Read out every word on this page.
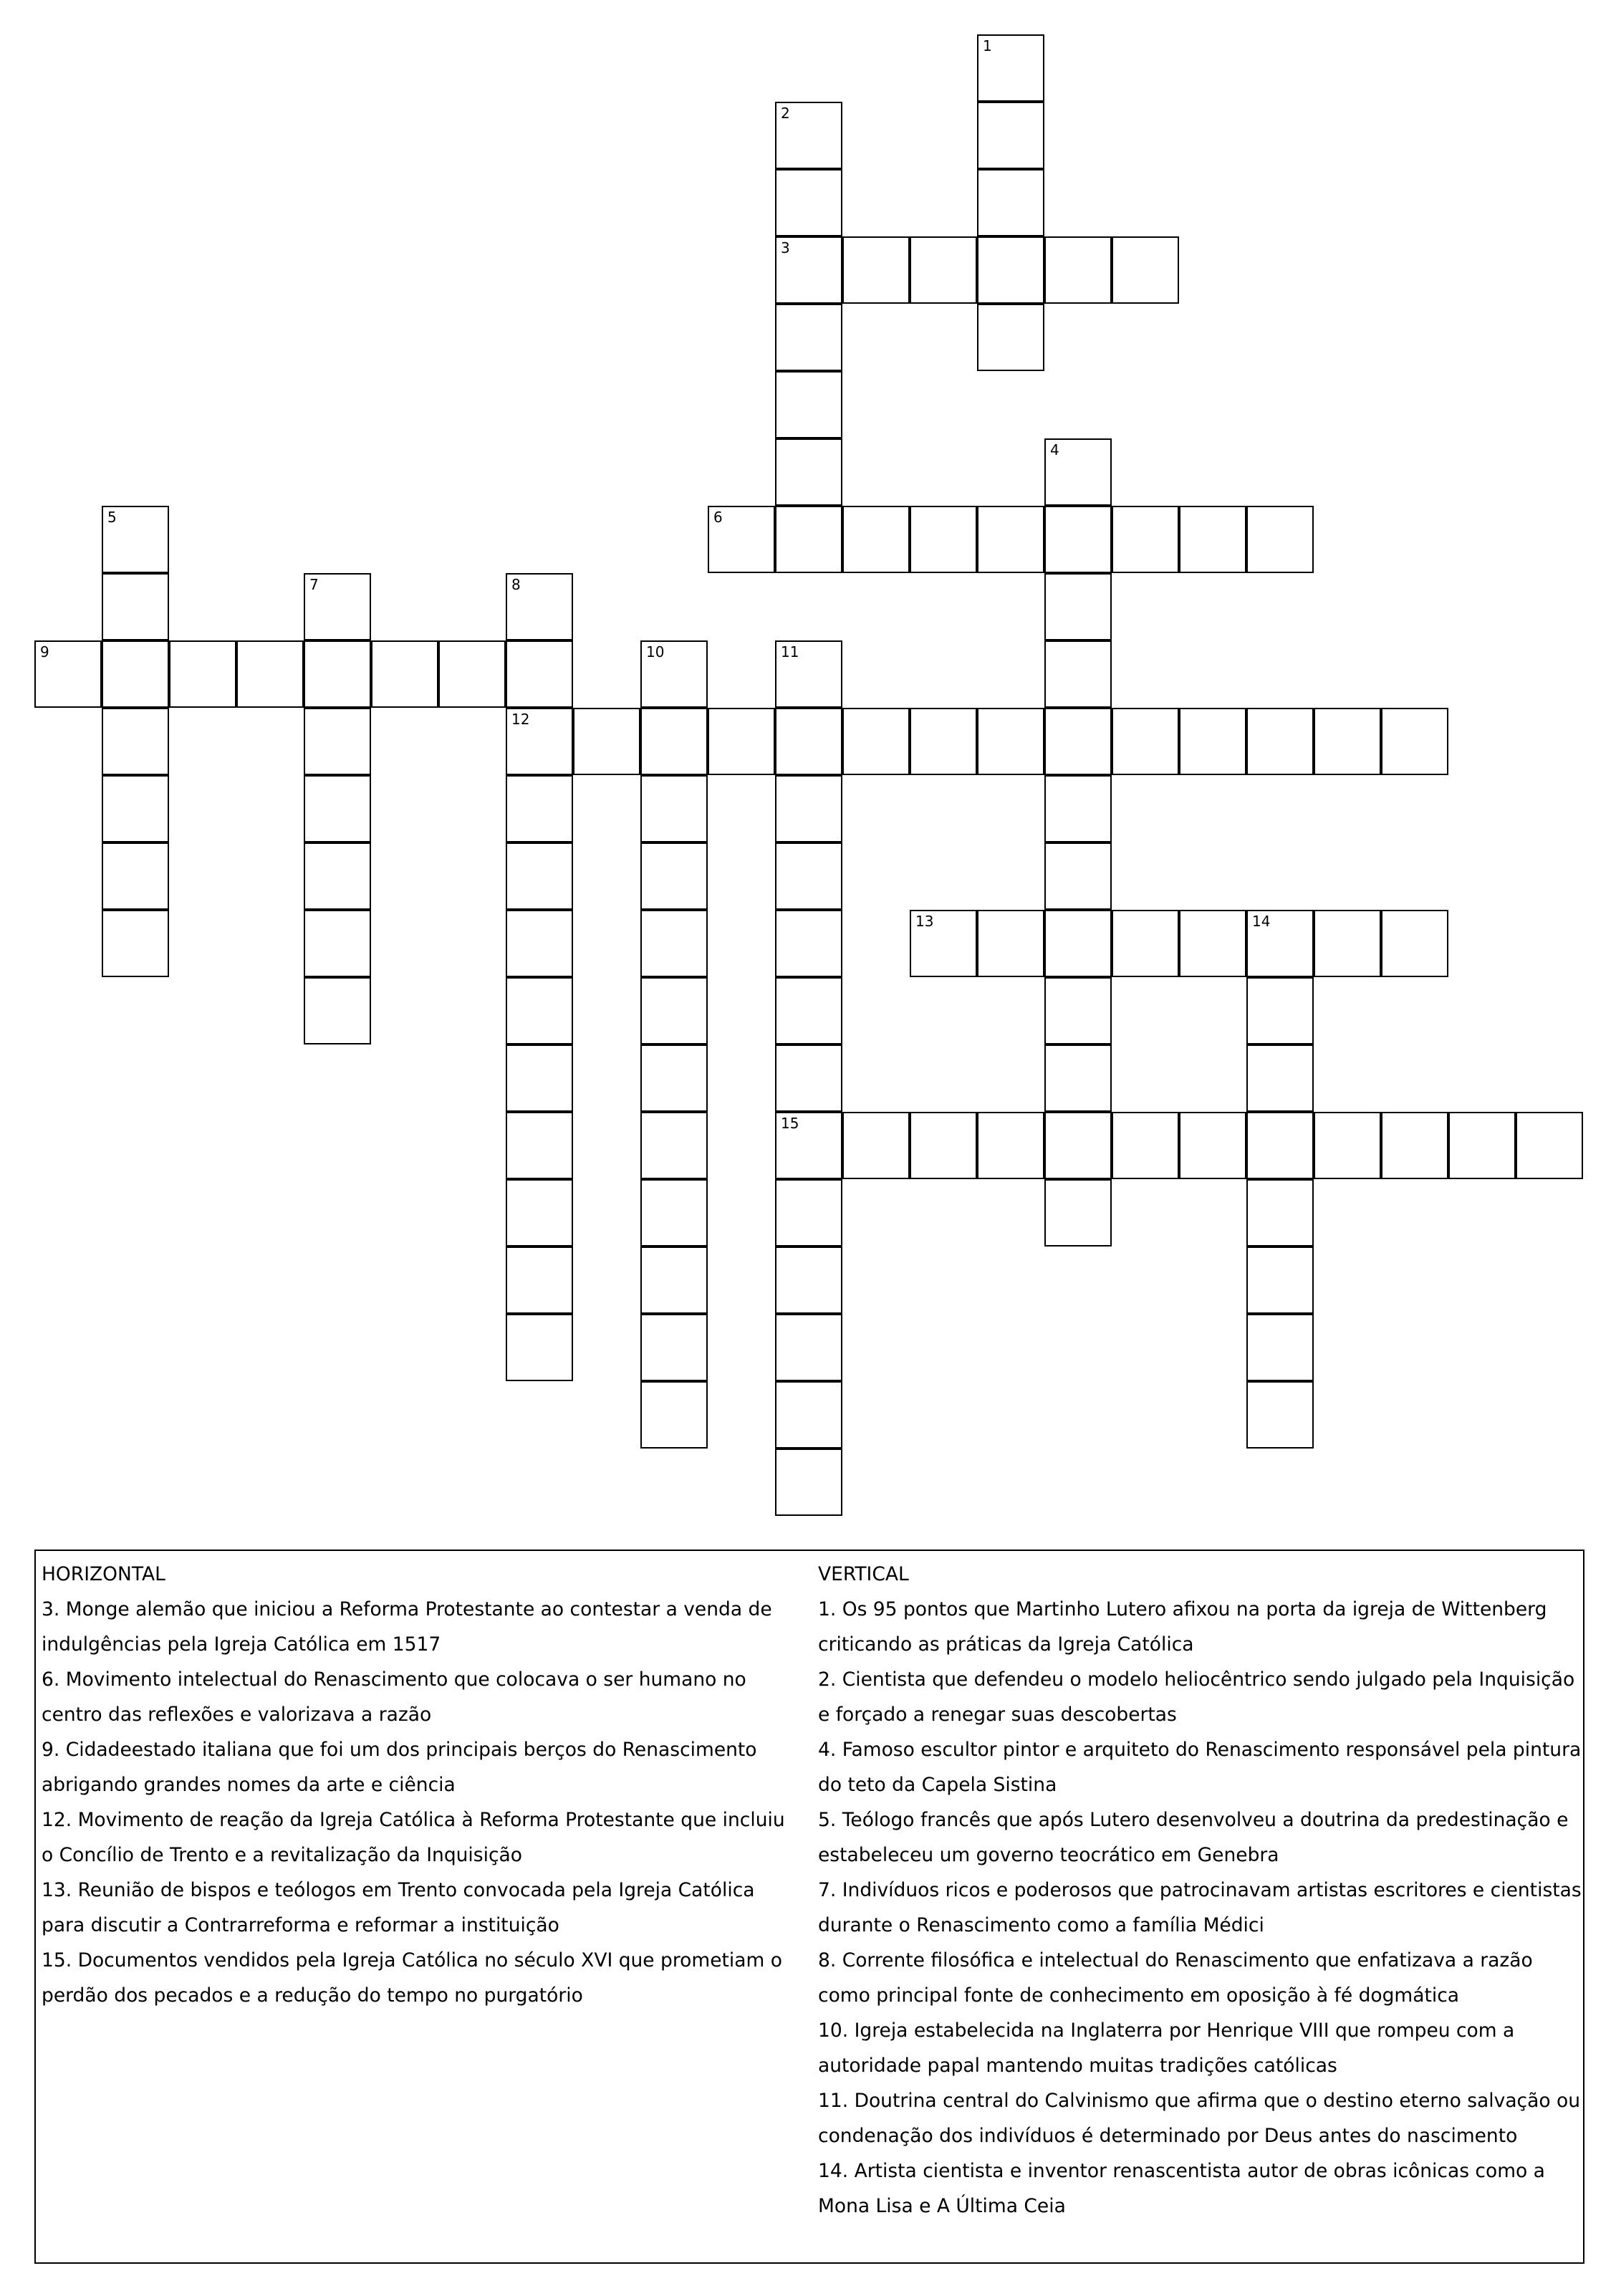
1
2
3
4
5	6
7	8
12
9	10	11
15
13	14
HORIZONTAL
3. Monge alemão que iniciou a Reforma Protestante ao contestar a venda de indulgências pela Igreja Católica em 1517
6. Movimento intelectual do Renascimento que colocava o ser humano no centro das reflexões e valorizava a razão
9. Cidadeestado italiana que foi um dos principais berços do Renascimento abrigando grandes nomes da arte e ciência
12. Movimento de reação da Igreja Católica à Reforma Protestante que incluiu o Concílio de Trento e a revitalização da Inquisição
13. Reunião de bispos e teólogos em Trento convocada pela Igreja Católica para discutir a Contrarreforma e reformar a instituição
15. Documentos vendidos pela Igreja Católica no século XVI que prometiam o perdão dos pecados e a redução do tempo no purgatório
VERTICAL
1. Os 95 pontos que Martinho Lutero afixou na porta da igreja de Wittenberg criticando as práticas da Igreja Católica
2. Cientista que defendeu o modelo heliocêntrico sendo julgado pela Inquisição e forçado a renegar suas descobertas
4. Famoso escultor pintor e arquiteto do Renascimento responsável pela pintura do teto da Capela Sistina
5. Teólogo francês que após Lutero desenvolveu a doutrina da predestinação e estabeleceu um governo teocrático em Genebra
7. Indivíduos ricos e poderosos que patrocinavam artistas escritores e cientistas durante o Renascimento como a família Médici
8. Corrente filosófica e intelectual do Renascimento que enfatizava a razão como principal fonte de conhecimento em oposição à fé dogmática
10. Igreja estabelecida na Inglaterra por Henrique VIII que rompeu com a autoridade papal mantendo muitas tradições católicas
11. Doutrina central do Calvinismo que afirma que o destino eterno salvação ou condenação dos indivíduos é determinado por Deus antes do nascimento
14. Artista cientista e inventor renascentista autor de obras icônicas como a Mona Lisa e A Última Ceia
